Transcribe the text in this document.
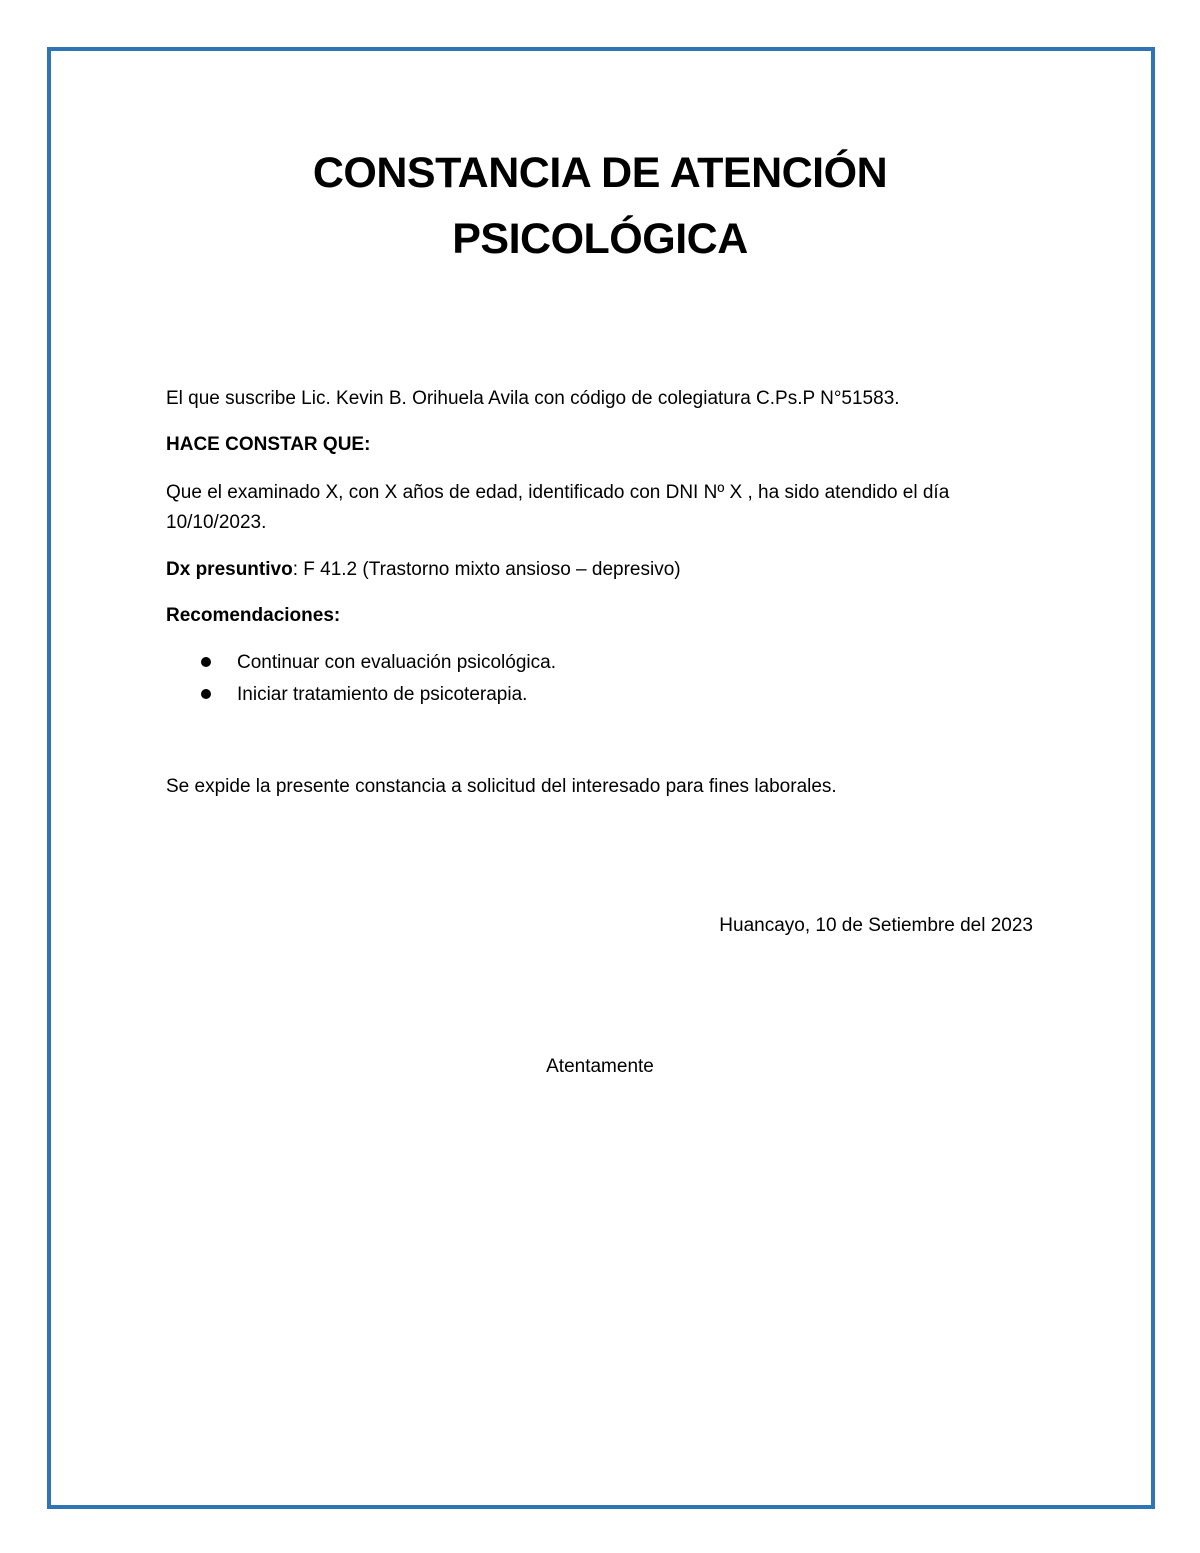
CONSTANCIA DE ATENCIÓN
PSICOLÓGICA
El que suscribe Lic. Kevin B. Orihuela Avila con código de colegiatura C.Ps.P N°51583.
HACE CONSTAR QUE:
Que el examinado X, con X años de edad, identificado con DNI Nº X , ha sido atendido el día 10/10/2023.
Dx presuntivo: F 41.2 (Trastorno mixto ansioso – depresivo)
Recomendaciones:
Continuar con evaluación psicológica.
Iniciar tratamiento de psicoterapia.
Se expide la presente constancia a solicitud del interesado para fines laborales.
Huancayo, 10 de Setiembre del 2023
Atentamente
